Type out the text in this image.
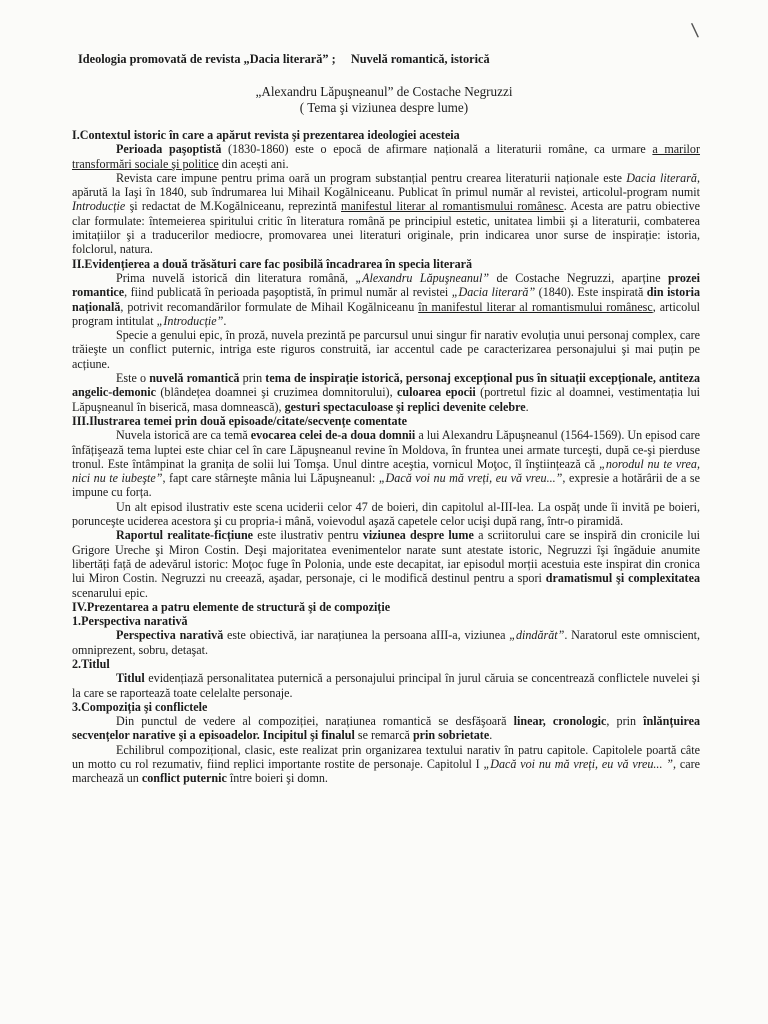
\
Ideologia promovată de revista „Dacia literară” ; Nuvelă romantică, istorică
„Alexandru Lăpuşneanul” de Costache Negruzzi
( Tema şi viziunea despre lume)

I.Contextul istoric în care a apărut revista şi prezentarea ideologiei acesteia

Perioada paşoptistă (1830-1860) este o epocă de afirmare națională a literaturii române, ca urmare a marilor transformări sociale şi politice din acești ani.

Revista care impune pentru prima oară un program substanțial pentru crearea literaturii naționale este Dacia literară, apărută la Iaşi în 1840, sub îndrumarea lui Mihail Kogălniceanu. Publicat în primul număr al revistei, articolul-program numit Introducție şi redactat de M.Kogălniceanu, reprezintă manifestul literar al romantismului românesc. Acesta are patru obiective clar formulate: întemeierea spiritului critic în literatura română pe principiul estetic, unitatea limbii şi a literaturii, combaterea imitațiilor şi a traducerilor mediocre, promovarea unei literaturi originale, prin indicarea unor surse de inspirație: istoria, folclorul, natura.

II.Evidențierea a două trăsături care fac posibilă încadrarea în specia literară

Prima nuvelă istorică din literatura română, „Alexandru Lăpuşneanul” de Costache Negruzzi, aparține prozei romantice, fiind publicată în perioada paşoptistă, în primul număr al revistei „Dacia literară” (1840). Este inspirată din istoria națională, potrivit recomandărilor formulate de Mihail Kogălniceanu în manifestul literar al romantismului românesc, articolul program intitulat „Introducție”.

Specie a genului epic, în proză, nuvela prezintă pe parcursul unui singur fir narativ evoluția unui personaj complex, care trăieşte un conflict puternic, intriga este riguros construită, iar accentul cade pe caracterizarea personajului şi mai puțin pe acțiune.

Este o nuvelă romantică prin tema de inspirație istorică, personaj excepțional pus în situații excepționale, antiteza angelic-demonic (blândețea doamnei şi cruzimea domnitorului), culoarea epocii (portretul fizic al doamnei, vestimentația lui Lăpuşneanul în biserică, masa domnească), gesturi spectaculoase şi replici devenite celebre.

III.Ilustrarea temei prin două episoade/citate/secvențe comentate

Nuvela istorică are ca temă evocarea celei de-a doua domnii a lui Alexandru Lăpuşneanul (1564-1569). Un episod care înfățişează tema luptei este chiar cel în care Lăpuşneanul revine în Moldova, în fruntea unei armate turceşti, după ce-şi pierduse tronul. Este întâmpinat la granița de solii lui Tomşa. Unul dintre aceştia, vornicul Moţoc, îl înştiințează că „norodul nu te vrea, nici nu te iubeşte”, fapt care stârneşte mânia lui Lăpuşneanul: „Dacă voi nu mă vreți, eu vă vreu...”, expresie a hotărârii de a se impune cu forța.

Un alt episod ilustrativ este scena uciderii celor 47 de boieri, din capitolul al-III-lea. La ospăț unde îi invită pe boieri, porunceşte uciderea acestora şi cu propria-i mână, voievodul aşază capetele celor ucişi după rang, într-o piramidă.

Raportul realitate-ficțiune este ilustrativ pentru viziunea despre lume a scriitorului care se inspiră din cronicile lui Grigore Ureche şi Miron Costin. Deşi majoritatea evenimentelor narate sunt atestate istoric, Negruzzi îşi îngăduie anumite libertăți față de adevărul istoric: Moţoc fuge în Polonia, unde este decapitat, iar episodul morții acestuia este inspirat din cronica lui Miron Costin. Negruzzi nu creează, aşadar, personaje, ci le modifică destinul pentru a spori dramatismul şi complexitatea scenarului epic.

IV.Prezentarea a patru elemente de structură şi de compoziție

1.Perspectiva narativă

Perspectiva narativă este obiectivă, iar narațiunea la persoana aIII-a, viziunea „dindărăt”. Naratorul este omniscient, omniprezent, sobru, detaşat.

2.Titlul

Titlul evidențiază personalitatea puternică a personajului principal în jurul căruia se concentrează conflictele nuvelei şi la care se raportează toate celelalte personaje.

3.Compoziția şi conflictele

Din punctul de vedere al compoziției, narațiunea romantică se desfăşoară linear, cronologic, prin înlănțuirea secvențelor narative şi a episoadelor. Incipitul şi finalul se remarcă prin sobrietate.

Echilibrul compozițional, clasic, este realizat prin organizarea textului narativ în patru capitole. Capitolele poartă câte un motto cu rol rezumativ, fiind replici importante rostite de personaje. Capitolul I „Dacă voi nu mă vreți, eu vă vreu... ”, care marchează un conflict puternic între boieri şi domn.
